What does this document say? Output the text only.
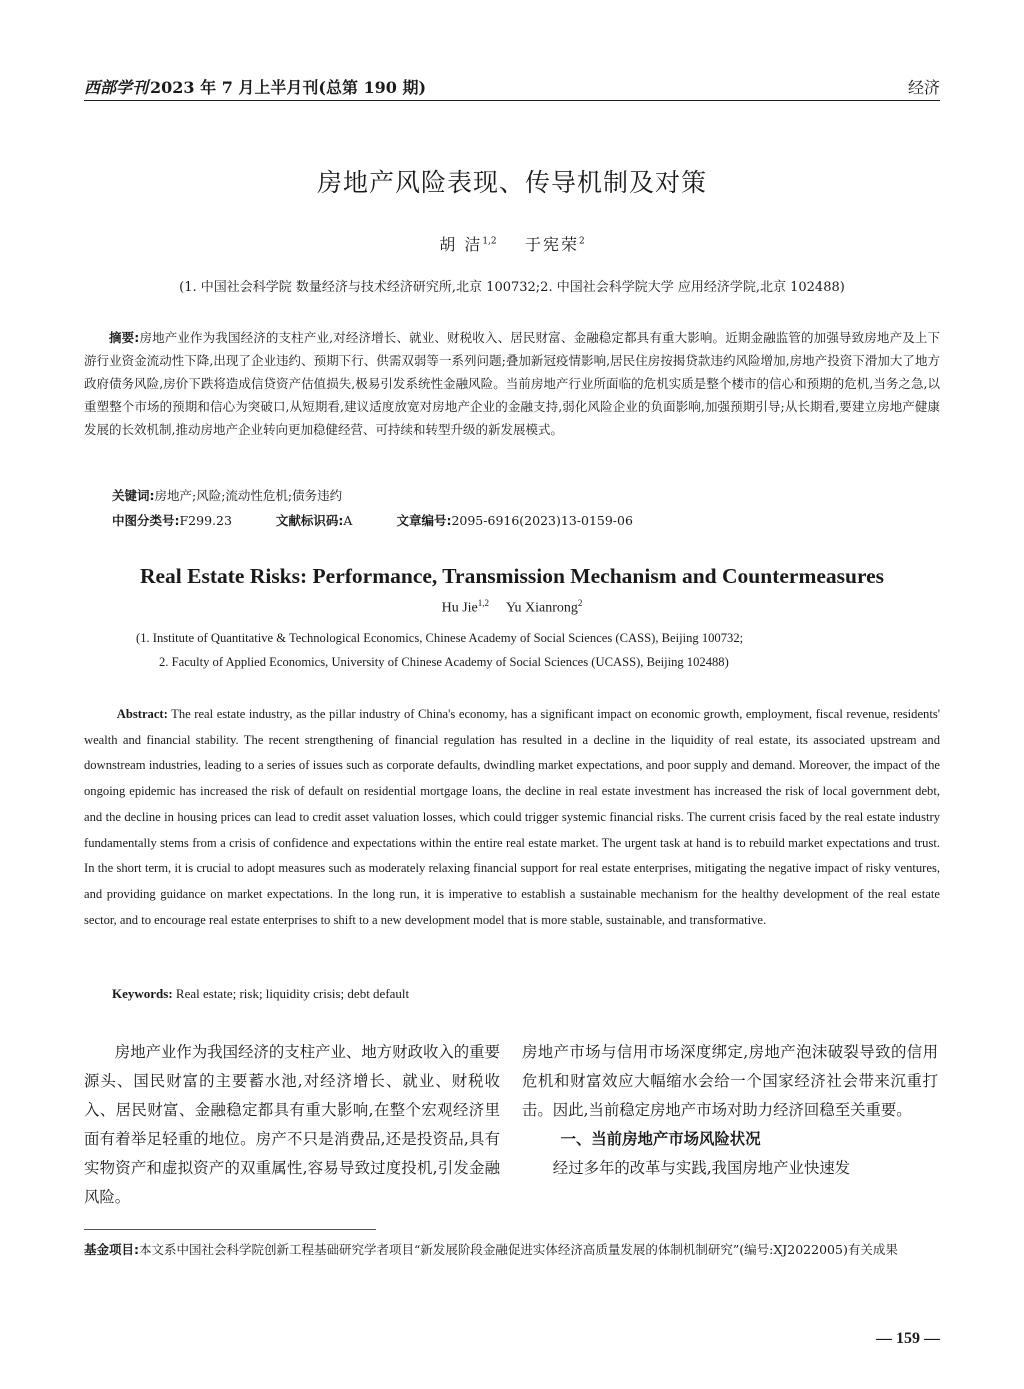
西部学刊 2023 年 7 月上半月刊(总第 190 期)	经济
房地产风险表现、传导机制及对策
胡 洁$^{1,2}$ 于宪荣$^2$
(1. 中国社会科学院 数量经济与技术经济研究所,北京 100732;2. 中国社会科学院大学 应用经济学院,北京 102488)
摘要:房地产业作为我国经济的支柱产业,对经济增长、就业、财税收入、居民财富、金融稳定都具有重大影响。近期金融监管的加强导致房地产及上下游行业资金流动性下降,出现了企业违约、预期下行、供需双弱等一系列问题;叠加新冠疫情影响,居民住房按揭贷款违约风险增加,房地产投资下滑加大了地方政府债务风险,房价下跌将造成信贷资产估值损失,极易引发系统性金融风险。当前房地产行业所面临的危机实质是整个楼市的信心和预期的危机,当务之急,以重塑整个市场的预期和信心为突破口,从短期看,建议适度放宽对房地产企业的金融支持,弱化风险企业的负面影响,加强预期引导;从长期看,要建立房地产健康发展的长效机制,推动房地产企业转向更加稳健经营、可持续和转型升级的新发展模式。
关键词:房地产;风险;流动性危机;债务违约
中图分类号:F299.23	文献标识码:A	文章编号:2095-6916(2023)13-0159-06
Real Estate Risks: Performance, Transmission Mechanism and Countermeasures
Hu Jie$^{1,2}$ Yu Xianrong$^2$
(1. Institute of Quantitative & Technological Economics, Chinese Academy of Social Sciences (CASS), Beijing 100732;
2. Faculty of Applied Economics, University of Chinese Academy of Social Sciences (UCASS), Beijing 102488)
Abstract: The real estate industry, as the pillar industry of China's economy, has a significant impact on economic growth, employment, fiscal revenue, residents' wealth and financial stability. The recent strengthening of financial regulation has resulted in a decline in the liquidity of real estate, its associated upstream and downstream industries, leading to a series of issues such as corporate defaults, dwindling market expectations, and poor supply and demand. Moreover, the impact of the ongoing epidemic has increased the risk of default on residential mortgage loans, the decline in real estate investment has increased the risk of local government debt, and the decline in housing prices can lead to credit asset valuation losses, which could trigger systemic financial risks. The current crisis faced by the real estate industry fundamentally stems from a crisis of confidence and expectations within the entire real estate market. The urgent task at hand is to rebuild market expectations and trust. In the short term, it is crucial to adopt measures such as moderately relaxing financial support for real estate enterprises, mitigating the negative impact of risky ventures, and providing guidance on market expectations. In the long run, it is imperative to establish a sustainable mechanism for the healthy development of the real estate sector, and to encourage real estate enterprises to shift to a new development model that is more stable, sustainable, and transformative.
Keywords: Real estate; risk; liquidity crisis; debt default

房地产业作为我国经济的支柱产业、地方财政收入的重要源头、国民财富的主要蓄水池,对经济增长、就业、财税收入、居民财富、金融稳定都具有重大影响,在整个宏观经济里面有着举足轻重的地位。房产不只是消费品,还是投资品,具有实物资产和虚拟资产的双重属性,容易导致过度投机,引发金融风险。

房地产市场与信用市场深度绑定,房地产泡沫破裂导致的信用危机和财富效应大幅缩水会给一个国家经济社会带来沉重打击。因此,当前稳定房地产市场对助力经济回稳至关重要。

一、当前房地产市场风险状况

经过多年的改革与实践,我国房地产业快速发

基金项目:本文系中国社会科学院创新工程基础研究学者项目“新发展阶段金融促进实体经济高质量发展的体制机制研究”(编号:XJ2022005)有关成果
— 159 —
